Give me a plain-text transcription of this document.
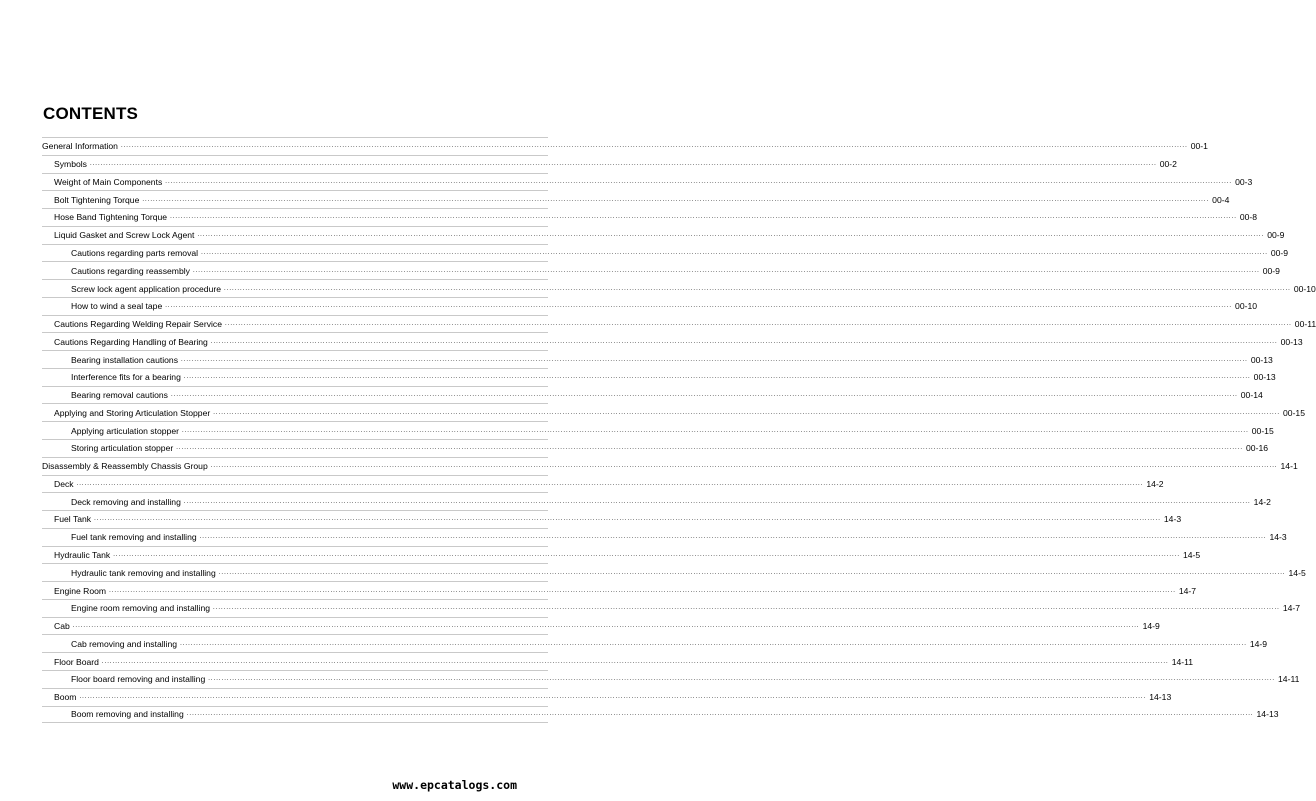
CONTENTS
General Information ................................................................................................................................................................................................................................................................................................................................................................................................................ 00-1
Symbols ................................................................................................................................................................................................................................................................................................................................................................................................................ 00-2
Weight of Main Components ................................................................................................................................................................................................................................................................................................................................................................................................................ 00-3
Bolt Tightening Torque ................................................................................................................................................................................................................................................................................................................................................................................................................ 00-4
Hose Band Tightening Torque ................................................................................................................................................................................................................................................................................................................................................................................................................ 00-8
Liquid Gasket and Screw Lock Agent ................................................................................................................................................................................................................................................................................................................................................................................................................ 00-9
Cautions regarding parts removal ................................................................................................................................................................................................................................................................................................................................................................................................................ 00-9
Cautions regarding reassembly ................................................................................................................................................................................................................................................................................................................................................................................................................ 00-9
Screw lock agent application procedure ................................................................................................................................................................................................................................................................................................................................................................................................................ 00-10
How to wind a seal tape ................................................................................................................................................................................................................................................................................................................................................................................................................ 00-10
Cautions Regarding Welding Repair Service ................................................................................................................................................................................................................................................................................................................................................................................................................ 00-11
Cautions Regarding Handling of Bearing ................................................................................................................................................................................................................................................................................................................................................................................................................ 00-13
Bearing installation cautions ................................................................................................................................................................................................................................................................................................................................................................................................................ 00-13
Interference fits for a bearing ................................................................................................................................................................................................................................................................................................................................................................................................................ 00-13
Bearing removal cautions ................................................................................................................................................................................................................................................................................................................................................................................................................ 00-14
Applying and Storing Articulation Stopper ................................................................................................................................................................................................................................................................................................................................................................................................................ 00-15
Applying articulation stopper ................................................................................................................................................................................................................................................................................................................................................................................................................ 00-15
Storing articulation stopper ................................................................................................................................................................................................................................................................................................................................................................................................................ 00-16
Disassembly & Reassembly Chassis Group ................................................................................................................................................................................................................................................................................................................................................................................................................ 14-1
Deck ................................................................................................................................................................................................................................................................................................................................................................................................................ 14-2
Deck removing and installing ................................................................................................................................................................................................................................................................................................................................................................................................................ 14-2
Fuel Tank ................................................................................................................................................................................................................................................................................................................................................................................................................ 14-3
Fuel tank removing and installing ................................................................................................................................................................................................................................................................................................................................................................................................................ 14-3
Hydraulic Tank ................................................................................................................................................................................................................................................................................................................................................................................................................ 14-5
Hydraulic tank removing and installing ................................................................................................................................................................................................................................................................................................................................................................................................................ 14-5
Engine Room ................................................................................................................................................................................................................................................................................................................................................................................................................ 14-7
Engine room removing and installing ................................................................................................................................................................................................................................................................................................................................................................................................................ 14-7
Cab ................................................................................................................................................................................................................................................................................................................................................................................................................ 14-9
Cab removing and installing ................................................................................................................................................................................................................................................................................................................................................................................................................ 14-9
Floor Board ................................................................................................................................................................................................................................................................................................................................................................................................................ 14-11
Floor board removing and installing ................................................................................................................................................................................................................................................................................................................................................................................................................ 14-11
Boom ................................................................................................................................................................................................................................................................................................................................................................................................................ 14-13
Boom removing and installing ................................................................................................................................................................................................................................................................................................................................................................................................................ 14-13
www.epcatalogs.com
